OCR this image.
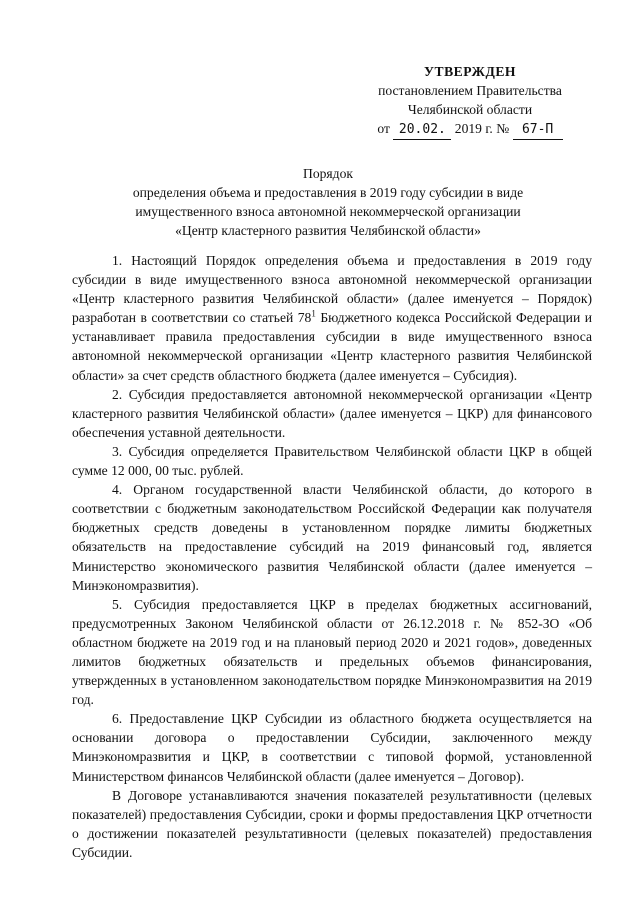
УТВЕРЖДЕН
постановлением Правительства
Челябинской области
от 20.02. 2019 г. № 67-П
Порядок
определения объема и предоставления в 2019 году субсидии в виде
имущественного взноса автономной некоммерческой организации
«Центр кластерного развития Челябинской области»

1. Настоящий Порядок определения объема и предоставления в 2019 году субсидии в виде имущественного взноса автономной некоммерческой организации «Центр кластерного развития Челябинской области» (далее именуется – Порядок) разработан в соответствии со статьей $78^1$ Бюджетного кодекса Российской Федерации и устанавливает правила предоставления субсидии в виде имущественного взноса автономной некоммерческой организации «Центр кластерного развития Челябинской области» за счет средств областного бюджета (далее именуется – Субсидия).

2. Субсидия предоставляется автономной некоммерческой организации «Центр кластерного развития Челябинской области» (далее именуется – ЦКР) для финансового обеспечения уставной деятельности.

3. Субсидия определяется Правительством Челябинской области ЦКР в общей сумме 12 000, 00 тыс. рублей.

4. Органом государственной власти Челябинской области, до которого в соответствии с бюджетным законодательством Российской Федерации как получателя бюджетных средств доведены в установленном порядке лимиты бюджетных обязательств на предоставление субсидий на 2019 финансовый год, является Министерство экономического развития Челябинской области (далее именуется – Минэкономразвития).

5. Субсидия предоставляется ЦКР в пределах бюджетных ассигнований, предусмотренных Законом Челябинской области от 26.12.2018 г. № 852-ЗО «Об областном бюджете на 2019 год и на плановый период 2020 и 2021 годов», доведенных лимитов бюджетных обязательств и предельных объемов финансирования, утвержденных в установленном законодательством порядке Минэкономразвития на 2019 год.

6. Предоставление ЦКР Субсидии из областного бюджета осуществляется на основании договора о предоставлении Субсидии, заключенного между Минэкономразвития и ЦКР, в соответствии с типовой формой, установленной Министерством финансов Челябинской области (далее именуется – Договор).

В Договоре устанавливаются значения показателей результативности (целевых показателей) предоставления Субсидии, сроки и формы предоставления ЦКР отчетности о достижении показателей результативности (целевых показателей) предоставления Субсидии.
